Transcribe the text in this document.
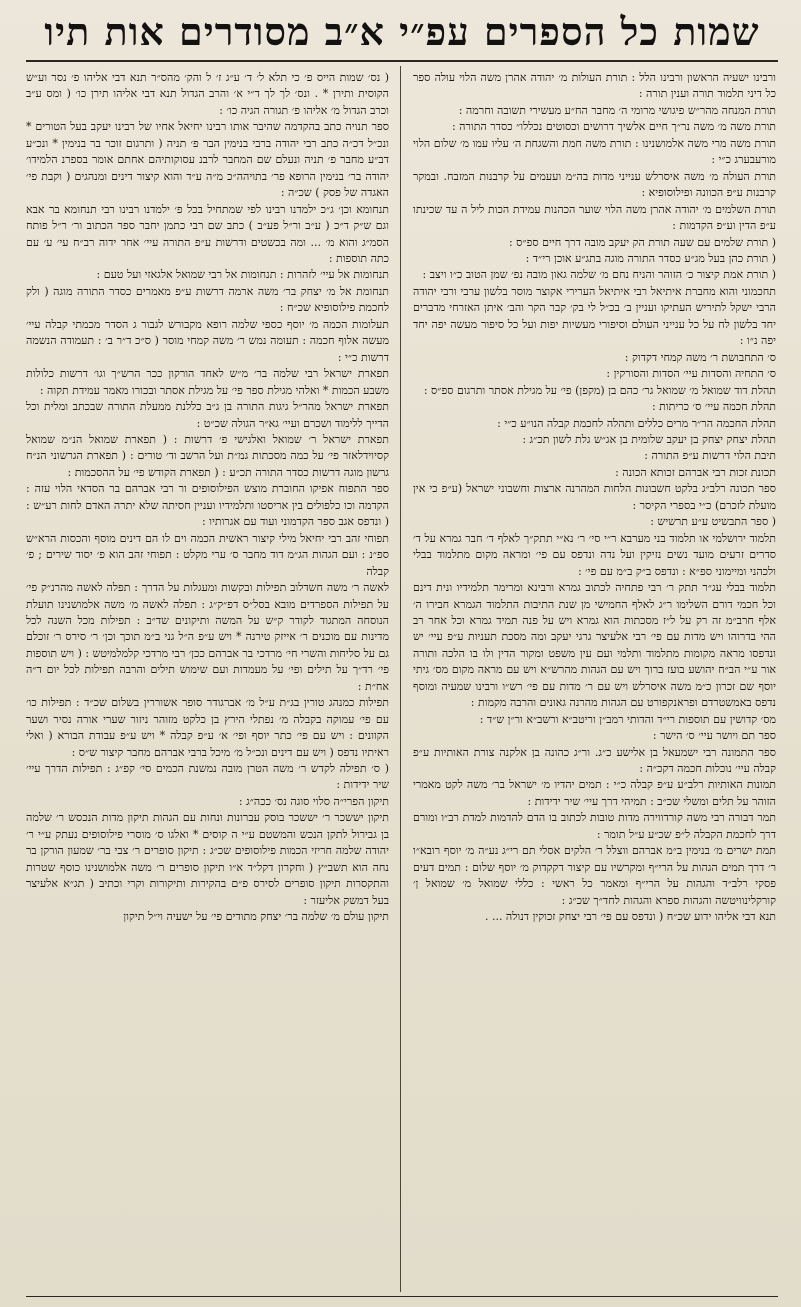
שמות כל הספרים עפ״י א״ב מסודרים אות תיו

ורבינו ישעיה הראשון ורבינו הלל : תורת העולות מ׳ יהודה אהרן משה הלוי עולה ספר כל דיני תלמוד תורה וענין תורה :

תורת המנחה מהר״ש פיגושי מרומי ה׳ מחבר הח״ע מעשירי תשובה וחרמה :

תורת משה מ׳ משה נר״ך חיים אלשיך דרושים וכסוטים נכללו״ כסדר התורה :

תורת משה מרי משה אלמושנינו : תורת משה חמת והשגחת ה׳ עליו עמו מ׳ שלום הלוי מורעבערג כ״י :

תורת העולה מ׳ משה איסרלש ענייני מדות בה״מ ועעמים על קרבנות המזבח. ובמקר קרבנות ע״פ הכוונה ופילוסופיא :

תורת השלמים מ׳ יהודה אהרן משה הלוי שוער הכהנות עמידת הכות ליל ה עד שכינתו ע״פ הדין וע״פ הקדמות :

( תורת שלמים עם שעה תורת הק יעקב מובה דרך חיים ספ״ס :

( תורת כהן בעל מג״ע כסדר התורה מוגה בתג״ע אוכן רי״ד :

( תורת אמת קיצור כ׳ הזוהר והניח נחם מ׳ שלמה גאון מובה נפ׳ שמן הטוב כ״ו ויצב :

תחכמוני והוא מחברת איתיאל רבי איתיאל הערירי אקוצר מוסר בלשון ערבי ורבי יהודה הרבי ישקל לתיריש העתיקו ועניין ב׳ בכ״ל לי בק׳ קבר הקר והב׳ איתן האזרחי מדברים יחד בלשון לח על כל ענייני העולם וסיפורי מעשיות יפות ועל כל סיפור מעשה יפה יחד יפה נ״ו :

ס׳ התחבושת ר׳ משה קמחי דקדוק :

ס׳ התחיה והסדות עיי׳ הסדות והסורקין :

תהלת דוד שמואל מ׳ שמואל גר׳ כהם בן (מקפן) פי׳ על מגילת אסתר ותרגום ספ״ס :

תהלת חכמה עיי׳ ס׳ כריתות :

תהלת החכמה הר״ר מרים כללים ותהלה לחכמת קבלה הנו״ע כ״י :

תהלת יצחק יצחק בן יעקב שלומית בן אג״ש גלת לשון תכ״ג :

תיבת הלוי דרשות ע״פ התורה :

תכונת זכות רבי אברהם זכותא הכונה :

ספר תכונה רלב״ג בלקט חשבונות הלחות המהרנה ארצות וחשבוני ישראל (ע״פ כי אין מועלת לזכרם) כ״י בספרי הקיסר :

( ספר התבשיט ע״ע תרשיש :

תלמוד ירושלמי או תלמוד בני מערבא ר״י סי׳ ר׳ נא״י תתק״ך לאלף ד׳ חבר גמרא על ד׳ סדרים זרעים מועד נשים נזיקין ועל נדה ונדפס עם פי׳ ומראה מקום מתלמוד בבלי ולכהני ומיימוני ספ״א : ונדפס ב״ק ב״מ עם פי׳ :

תלמוד בבלי עג״ר תתק ר׳ רבי פתחיה לכתוב גמרא ורבינא ומרימר תלמידיו ונית דינם וכל חכמי דורם השלימו ר״ג לאלף החמישי מן שנת התיבות התלמוד הגמרא חבירו ה׳ אלף חרב״מ זה רק על ל״ז מסכתות הוא גמרא ויש על פנה תמיד גמרא וכל אחר רב ההי בדרוהו ויש מדות עם פי׳ רבי אלעיצר גרגי יעקב ומה מסכת תעניות ע״פ עיי׳ יש ונדפסו מראה מקומות מתלמוד ותלמי ועם עין משפט ומקור הדין ולו בו הלכה ותורה אור ע״י הב״ח יהושע בועז ברוך ויש עם הגהות מהרש״א ויש עם מראה מקום מס׳ גיתי יוסף שם זכרון כ״מ משה איסרלש ויש עם ר׳ מדות עם פי׳ רש״ו ורבינו שמעיה ומוסף נדפס באמשטרדם ופראנקפורט עם הגהות מהרנה גאונים והרבה מקמות :

מס׳ קדושין עם תוספות רי״ד והדותי רמב״ן וריטב״א ורשב״א ור״ן ש״ד :

ספר תם ויושר עיי׳ ס׳ הישר :

ספר התמונה רבי ישמעאל בן אלישע כ״ג. ור״ג כהונה בן אלקנה צורת האותיות ע״פ קבלה עיי׳ נוכלות חכמה דקכ״ה :

תמונות האותיות רלב״ע ע״פ קבלה כ״י : תמים יהדיו מ׳ ישראל בר׳ משה לקט מאמרי הזוהר על תלים ומשלי שכ״ב : תמיהי דרך עיי׳ שיר ידידות :

תמר דבורה רבי משה קורדווירה מדות טובות לכתוב בו הדם להדמות למדת רב״ו ומורם דרך לחכמת הקבלה ל״פ שכ״ע ע״ל תומר :

תמת ישרים מ׳ בנימין ב״מ אברהם ווצלל ר׳ הלקים אסלי תם רי״ג נע״ה מ׳ יוסף רובא״ו ר׳ דרך תמים הגהות על הרי״ף ומקרשיו עם קיצור דקקדוק מ׳ יוסף שלום : תמים דעים פסקי רלב״ד והגהות על הרי״ף ומאמר כל ראשי : כללי שמואל מ׳ שמואל ן׳ קורקלינוויטשה והגהות ספרא והגהות לחד״ך שכ״ג :

תנא דבי אליהו ידוע שכ״ח ( ונדפס עם פי׳ רבי יצחק זכוקין דנולה ... .

( נס׳ שמות הייס פ׳ כי תלא ל׳ ד׳ ע״ג ז׳ ל והק׳ מהס״ר תנא דבי אליהו פ׳ נסר וע״ש הקוסית ותירן * . ונס׳ לך לך ד״י א׳ והרב הגדול תנא דבי אליהו תירן כו׳ ( ומס ע״ב וכרב הגדול מ׳ אליהו פ׳ תגורה הגיה כו׳ :

ספר תנויה כתב בהקדמה שהיבר אותו רבינו יחיאל אחיו של רבינו יעקב בעל הטורים * ונכ״ל דכ״ה כתב רבי יהודה ברבי בנימין הבר פ׳ תניה ( ותרגום זוכר בר בנימין * ונכ״ע דב״ע מחבר פ׳ תניה ונעלם שם המחבר לרבנ עסוקותיהם אחתם אומר בספרנ הלמידו׳ יהודה בר׳ בנימין הרופא פר׳ בתויהה״כ מ״ה ע״ד והוא קיצור דינים ומנהגים ( וקבת פי׳ האגדה של פסק ) שכ״ה :

תנחומא וכן׳ ג״כ ילמדנו רבינו לפי שמתחיל בכל פ׳ ילמדנו רבינו רבי תנחומא בר אבא וגם ש״ק ד״כ ( ע״ב ור״ל פע״ב ) כתב שם רבי כתמן יחבר ספר הכתוב ור׳ ר״ל פותח הסמ״ג והוא מ׳ ... ומה בכשטים ודרשות ע״פ התורה עיי׳ אחר ידוה רב״ח עי׳ ע׳ עם כתה תוספות :

תנחומות אל עיי׳ לזהרות : תנחומות אל רבי שמואל אלגאזי ועל טעם :

תנחומת אל מ׳ יצחק בר׳ משה ארמה דרשות ע״פ מאמרים כסדר התורה מוגה ( ולק לחכמת פילוסופיא שכ״ח :

תעלומות הכמה מ׳ יוסף כספי שלמה רופא מקבורש לגבור ג הסדר מכמתי קבלה עיי׳ מעשה אלוף חכמה : תעומה נמש ר׳ משה קמחי מוסר ( ס״כ ד״ר ב׳ : תעמודה הנשמה דרשות כ״י :

תפארת ישראל רבי שלמה בר׳ מ״ש לאחד הורקון ככר הרש״ך וגו׳ דרשות כלולות משבע הכמות * ואלהי מגילת ספר פי׳ על מגילת אסתר ובכורו מאמר עמידת תקוה :

תפארת ישראל מהר״ל גיגות התורה בן ג״ב כללנת ממעלת התורה שבכתב ומלית וכל הדייך ללימוד ושכרם ועיי׳ גא״ר הגולה שכ״ט :

תפארת ישראל ר׳ שמואל ואלגישי פ׳ דרשות : ( תפארת שמואל הנ״מ שמואל קסיוידלאזר פי׳ על כמה מסכתות גמ״ת ועל הרשב וד׳ טורים : ( תפארת הגרשוני הנ״ח גרשון מוגה דרשות כסדר התורה תכ״ע : ( תפארת הקודש פי׳ על ההסכמות :

ספר התפוח אפיקו החוברת מוצש הפילוסופים ור רבי אברהם בר הסדאי הלוי עזה : הקדמה וכו כלפולים בין אריסטו ותלמידיו ועניין חסיתה שלא יתרה האדם לחות רע״ש : ( ונדפס אגב ספר הקדמוני ועוד עם אגרותיו :

תפוחי זהב רבי יחיאל מילי קיצור ראשית הכמה וים לו הם דינים מוסף והכסות הרא״ש ספ״נ : ועם הגהות הג״מ דוד מחבר ס׳ ערי מקלט : תפוחי זהב הוא פ׳ יסוד שירים ; פ׳ קבלה

לאשה ר׳ משה חשדלוב תפילות ובקשות ומעגלות על הדרך : תפלה לאשה מהרנ״ק פי׳ על תפילות הספרדים מובא בסל״ס דפ״ק״ג : תפלה לאשה מ׳ משה אלמושנינו תועלת הנוסחה המתגוד לקודר ק״ש על המשה ותיקונים שד״ב : תפילות מכל השנה לכל מדינות עם מוכנים ר׳ אייזק טירנה * ויש ע״פ ה״ל גני ב״מ תוכך וכן׳ ר׳ סירס ר׳ זוכלם גם על סליחות והשרי חי׳ מרדכי בר אברהם ככן׳ רבי מרדכי קלמלמיטש : ( ויש תוספות פי׳ רד״ך על תילים ופי׳ על מעמדות ועם שימוש תילים והרבה תפילות לכל יום ד״ה אח״ת :

תפילות כמנהג טורין בג״ת ע״ל מ׳ אברגודר סופר אשוררין בשלום שכ״ד : תפילות כו׳ עם פי׳ עמוקה בקבלה מ׳ נפתלי הירץ בן כלקט מזוהר ניזור שערי אורה נסיר ושער הקוונים : ויש עם פי׳ כתר יוסף ופי׳ א׳ ע״פ קבלה * ויש ע״פ עבודת הבורא ( ואלי ראיתיו נדפס ( ויש עם דינים ונכ״ל מ׳ מיכל ברבי אברהם מחבר קיצור ש״ס :

( ס׳ תפילה לקדש ר׳ משה הטרן מובה נמשנת הכמים סי׳ קפ״ג : תפילות הדרך עיי׳ שיר ידידות :

תיקון הפרי״ה סלוי סוגה נס׳ ככה״ג :

תיקון יששכר ר׳ יששכר בוסק עברונות ונחות עם הגהות תיקון מדות הנכסש ר׳ שלמה בן גבירול לתקן הנכש והמשטם ע״י ה קוסים * ואלגו ס׳ מוסרי פילוסופים נעתק ע״י ר׳ יהודה שלמה חריזי הכמות פילוסופים שכ״ג : תיקון סופרים ר׳ צבי בר׳ שמעון הורקן בר נחה הוא תשב״ץ ( וחקרון דקל״ד א״ו תיקון סופרים ר׳ משה אלמושנינו כוסף שטרות והתקסרות תיקון סופרים לסירס פ״ם בהקירות ותיקורות וקרי וכתיב ( תג״א אלעיצר בעל דמשק אליעזר :

תיקון עולם מ׳ שלמה בר׳ יצחק מתודים פי׳ על ישעיה וי״ל תיקון
